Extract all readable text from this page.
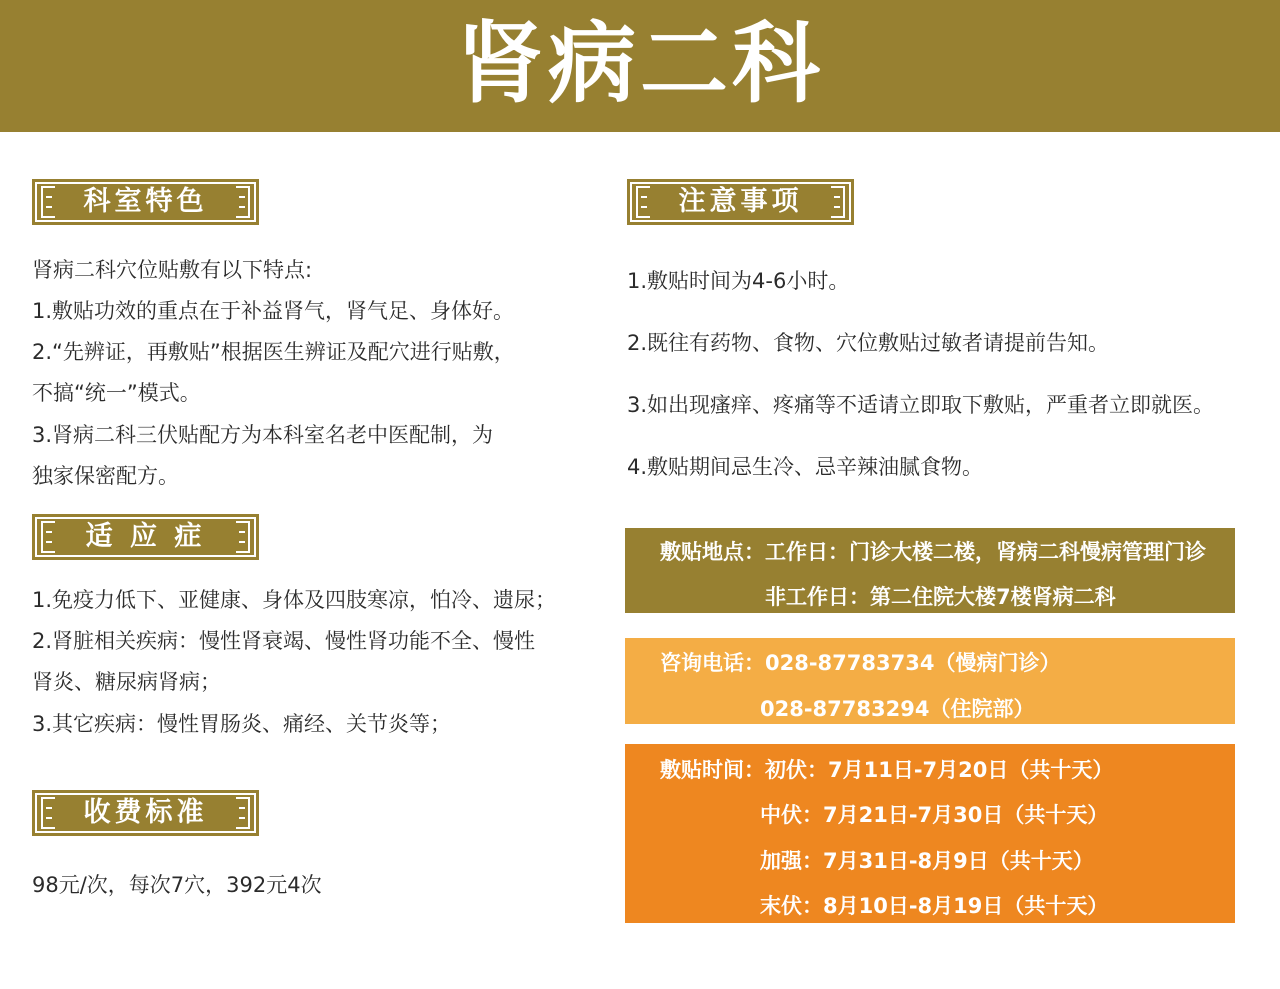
肾病二科
科室特色

肾病二科穴位贴敷有以下特点:

1.敷贴功效的重点在于补益肾气，肾气足、身体好。

2.“先辨证，再敷贴”根据医生辨证及配穴进行贴敷，

不搞“统一”模式。

3.肾病二科三伏贴配方为本科室名老中医配制，为

独家保密配方。

适 应 症

1.免疫力低下、亚健康、身体及四肢寒凉，怕冷、遗尿；

2.肾脏相关疾病：慢性肾衰竭、慢性肾功能不全、慢性

肾炎、糖尿病肾病；

3.其它疾病：慢性胃肠炎、痛经、关节炎等；

收费标准

98元/次，每次7穴，392元4次

注意事项

1.敷贴时间为4-6小时。

2.既往有药物、食物、穴位敷贴过敏者请提前告知。

3.如出现瘙痒、疼痛等不适请立即取下敷贴，严重者立即就医。

4.敷贴期间忌生冷、忌辛辣油腻食物。

敷贴地点：工作日：门诊大楼二楼，肾病二科慢病管理门诊
非工作日：第二住院大楼7楼肾病二科
咨询电话：028-87783734（慢病门诊）
028-87783294（住院部）
敷贴时间：初伏：7月11日-7月20日（共十天）
中伏：7月21日-7月30日（共十天）
加强：7月31日-8月9日（共十天）
末伏：8月10日-8月19日（共十天）
